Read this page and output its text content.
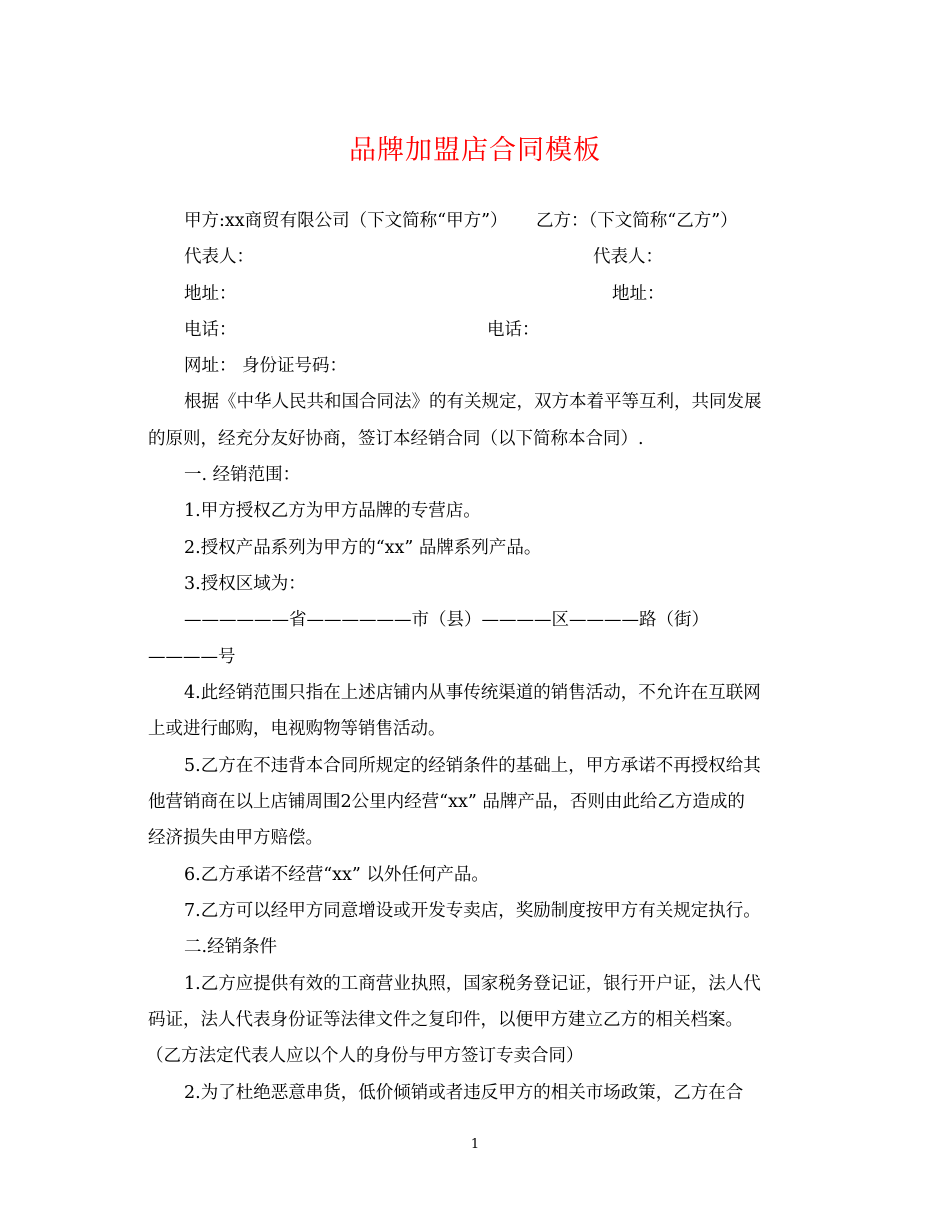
品牌加盟店合同模板
甲方:xx商贸有限公司（下文简称“甲方”） 乙方：（下文简称“乙方”）
代表人：	代表人：
地址：	地址：
电话：	电话：
网址： 身份证号码：
根据《中华人民共和国合同法》的有关规定，双方本着平等互利，共同发展
的原则，经充分友好协商，签订本经销合同（以下简称本合同）.
一. 经销范围：
1.甲方授权乙方为甲方品牌的专营店。
2.授权产品系列为甲方的“xx” 品牌系列产品。
3.授权区域为：
——————省——————市（县）————区————路（街）
————号
4.此经销范围只指在上述店铺内从事传统渠道的销售活动，不允许在互联网
上或进行邮购，电视购物等销售活动。
5.乙方在不违背本合同所规定的经销条件的基础上，甲方承诺不再授权给其
他营销商在以上店铺周围2公里内经营“xx” 品牌产品，否则由此给乙方造成的
经济损失由甲方赔偿。
6.乙方承诺不经营“xx” 以外任何产品。
7.乙方可以经甲方同意增设或开发专卖店，奖励制度按甲方有关规定执行。
二.经销条件
1.乙方应提供有效的工商营业执照，国家税务登记证，银行开户证，法人代
码证，法人代表身份证等法律文件之复印件，以便甲方建立乙方的相关档案。
（乙方法定代表人应以个人的身份与甲方签订专卖合同）
2.为了杜绝恶意串货，低价倾销或者违反甲方的相关市场政策，乙方在合
1
